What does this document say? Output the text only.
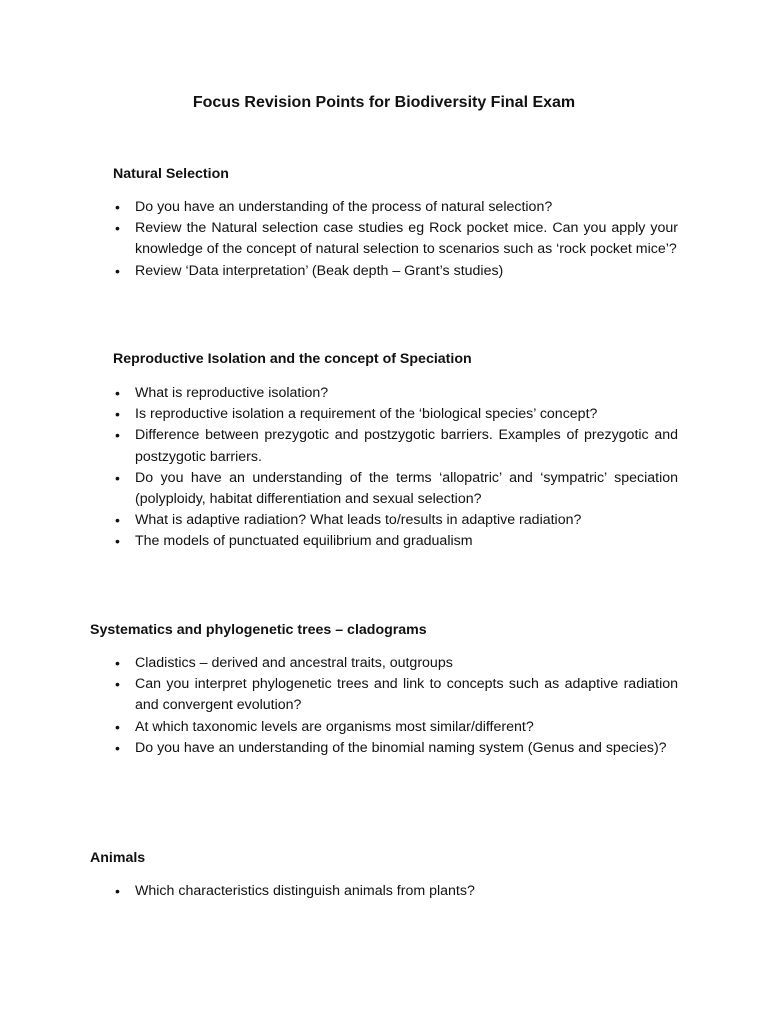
Focus Revision Points for Biodiversity Final Exam
Natural Selection
• Do you have an understanding of the process of natural selection?
• Review the Natural selection case studies eg Rock pocket mice. Can you apply your knowledge of the concept of natural selection to scenarios such as ‘rock pocket mice’?
• Review ‘Data interpretation’ (Beak depth – Grant’s studies)
Reproductive Isolation and the concept of Speciation
• What is reproductive isolation?
• Is reproductive isolation a requirement of the ‘biological species’ concept?
• Difference between prezygotic and postzygotic barriers. Examples of prezygotic and postzygotic barriers.
• Do you have an understanding of the terms ‘allopatric’ and ‘sympatric’ speciation (polyploidy, habitat differentiation and sexual selection?
• What is adaptive radiation? What leads to/results in adaptive radiation?
• The models of punctuated equilibrium and gradualism
Systematics and phylogenetic trees – cladograms
• Cladistics – derived and ancestral traits, outgroups
• Can you interpret phylogenetic trees and link to concepts such as adaptive radiation and convergent evolution?
• At which taxonomic levels are organisms most similar/different?
• Do you have an understanding of the binomial naming system (Genus and species)?
Animals
• Which characteristics distinguish animals from plants?
